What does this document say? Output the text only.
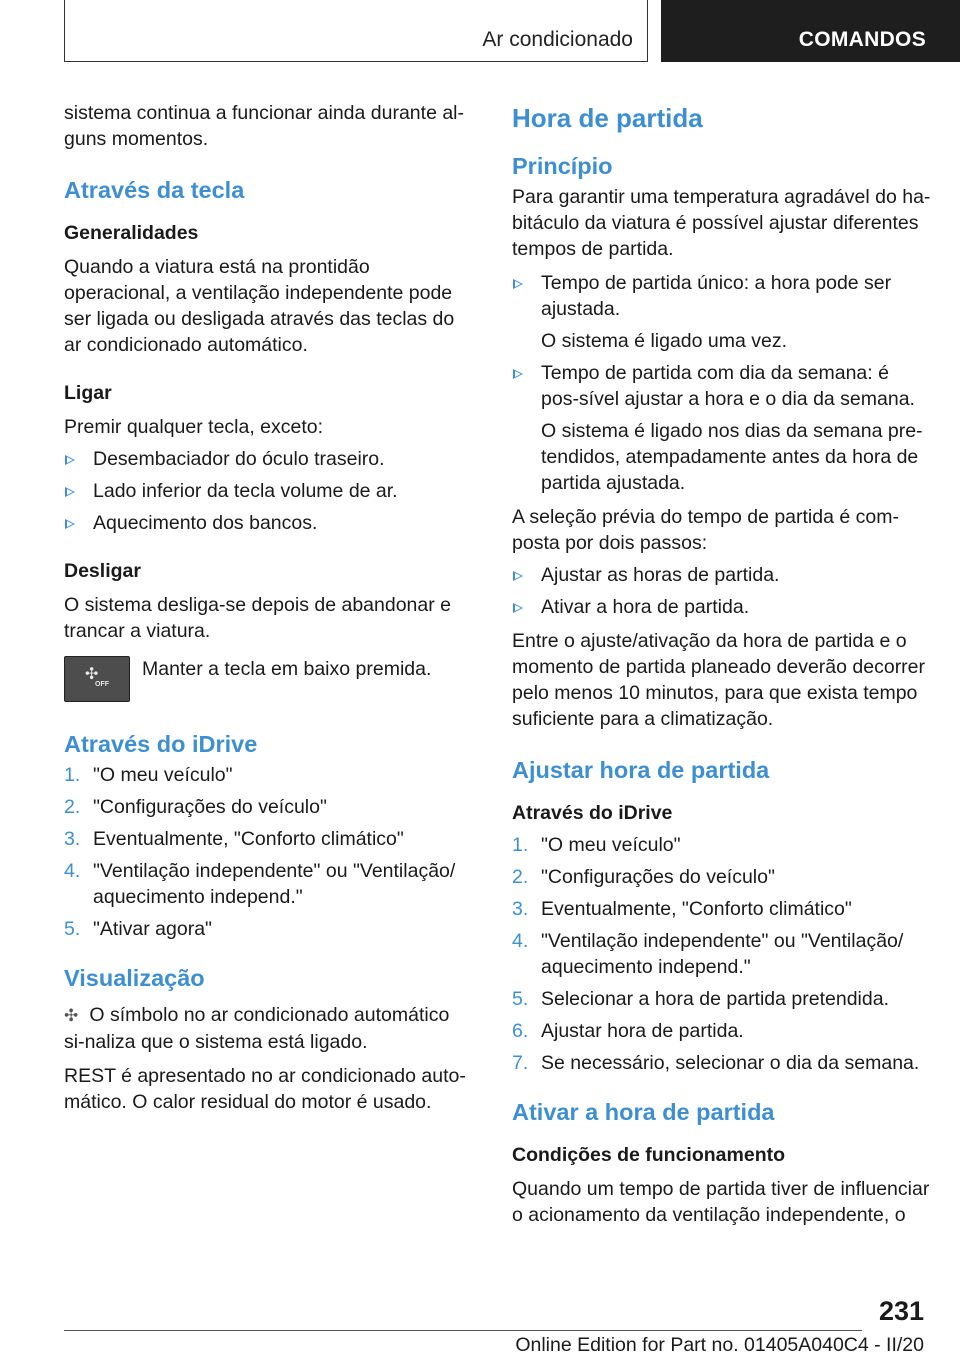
Ar condicionado	COMANDOS

sistema continua a funcionar ainda durante al-guns momentos.

Através da tecla
Generalidades

Quando a viatura está na prontidão operacional, a ventilação independente pode ser ligada ou desligada através das teclas do ar condicionado automático.

Ligar

Premir qualquer tecla, exceto:

Desembaciador do óculo traseiro.
Lado inferior da tecla volume de ar.
Aquecimento dos bancos.
Desligar

O sistema desliga-se depois de abandonar e trancar a viatura.

✣
OFF

Manter a tecla em baixo premida.

Através do iDrive
1. "O meu veículo"
2. "Configurações do veículo"
3. Eventualmente, "Conforto climático"
4. "Ventilação independente" ou "Ventilação/ aquecimento independ."
5. "Ativar agora"
Visualização

✣ O símbolo no ar condicionado automático si-naliza que o sistema está ligado.

REST é apresentado no ar condicionado auto-mático. O calor residual do motor é usado.

Hora de partida
Princípio

Para garantir uma temperatura agradável do ha-bitáculo da viatura é possível ajustar diferentes tempos de partida.

Tempo de partida único: a hora pode ser ajustada.

O sistema é ligado uma vez.

Tempo de partida com dia da semana: é pos-sível ajustar a hora e o dia da semana.

O sistema é ligado nos dias da semana pre-tendidos, atempadamente antes da hora de partida ajustada.

A seleção prévia do tempo de partida é com-posta por dois passos:

Ajustar as horas de partida.
Ativar a hora de partida.

Entre o ajuste/ativação da hora de partida e o momento de partida planeado deverão decorrer pelo menos 10 minutos, para que exista tempo suficiente para a climatização.

Ajustar hora de partida
Através do iDrive
1. "O meu veículo"
2. "Configurações do veículo"
3. Eventualmente, "Conforto climático"
4. "Ventilação independente" ou "Ventilação/ aquecimento independ."
5. Selecionar a hora de partida pretendida.
6. Ajustar hora de partida.
7. Se necessário, selecionar o dia da semana.
Ativar a hora de partida
Condições de funcionamento

Quando um tempo de partida tiver de influenciar o acionamento da ventilação independente, o

231
Online Edition for Part no. 01405A040C4 - II/20
